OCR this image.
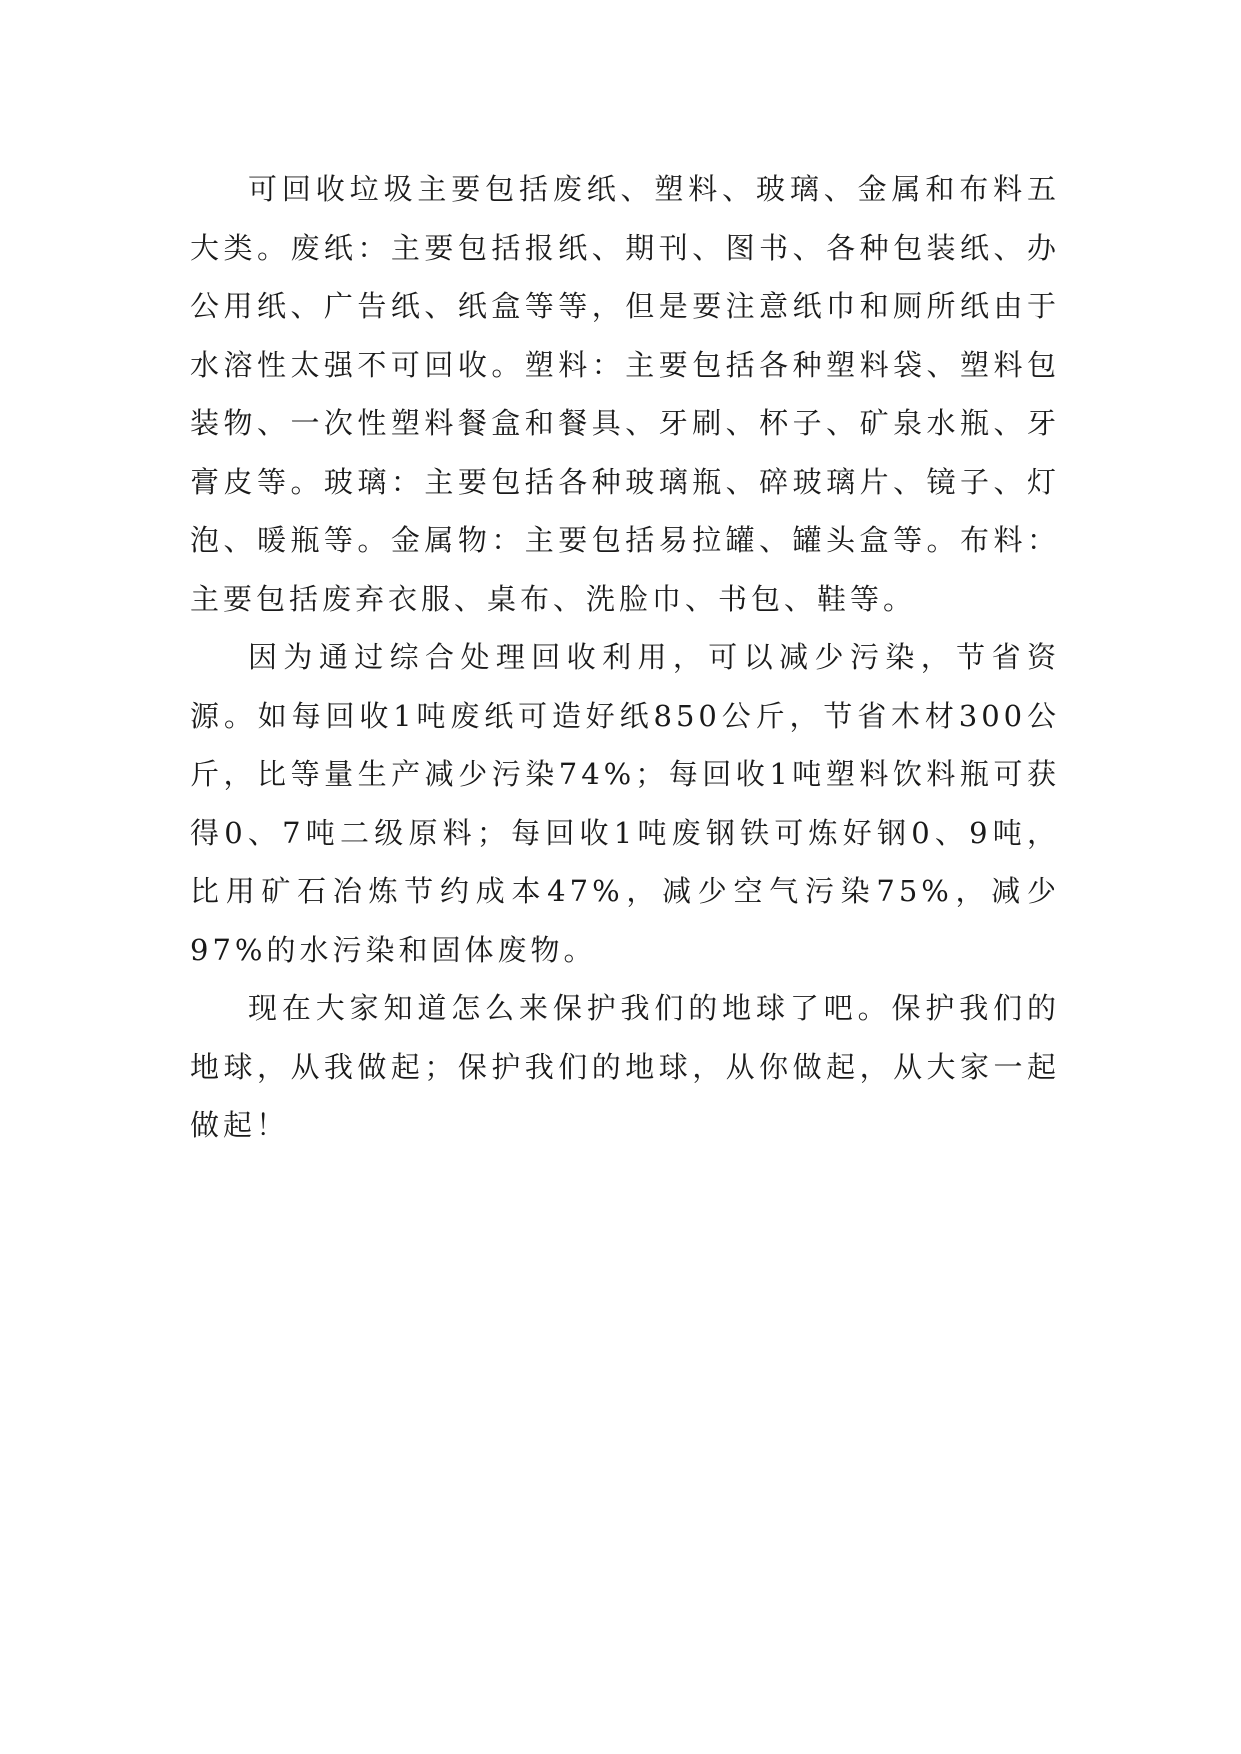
可回收垃圾主要包括废纸、塑料、玻璃、金属和布料五大类。废纸：主要包括报纸、期刊、图书、各种包装纸、办公用纸、广告纸、纸盒等等，但是要注意纸巾和厕所纸由于水溶性太强不可回收。塑料：主要包括各种塑料袋、塑料包装物、一次性塑料餐盒和餐具、牙刷、杯子、矿泉水瓶、牙膏皮等。玻璃：主要包括各种玻璃瓶、碎玻璃片、镜子、灯泡、暖瓶等。金属物：主要包括易拉罐、罐头盒等。布料：主要包括废弃衣服、桌布、洗脸巾、书包、鞋等。

因为通过综合处理回收利用，可以减少污染，节省资源。如每回收1吨废纸可造好纸850公斤，节省木材300公斤，比等量生产减少污染74%；每回收1吨塑料饮料瓶可获得0、7吨二级原料；每回收1吨废钢铁可炼好钢0、9吨，比用矿石冶炼节约成本47%，减少空气污染75%，减少97%的水污染和固体废物。

现在大家知道怎么来保护我们的地球了吧。保护我们的地球，从我做起；保护我们的地球，从你做起，从大家一起做起！
